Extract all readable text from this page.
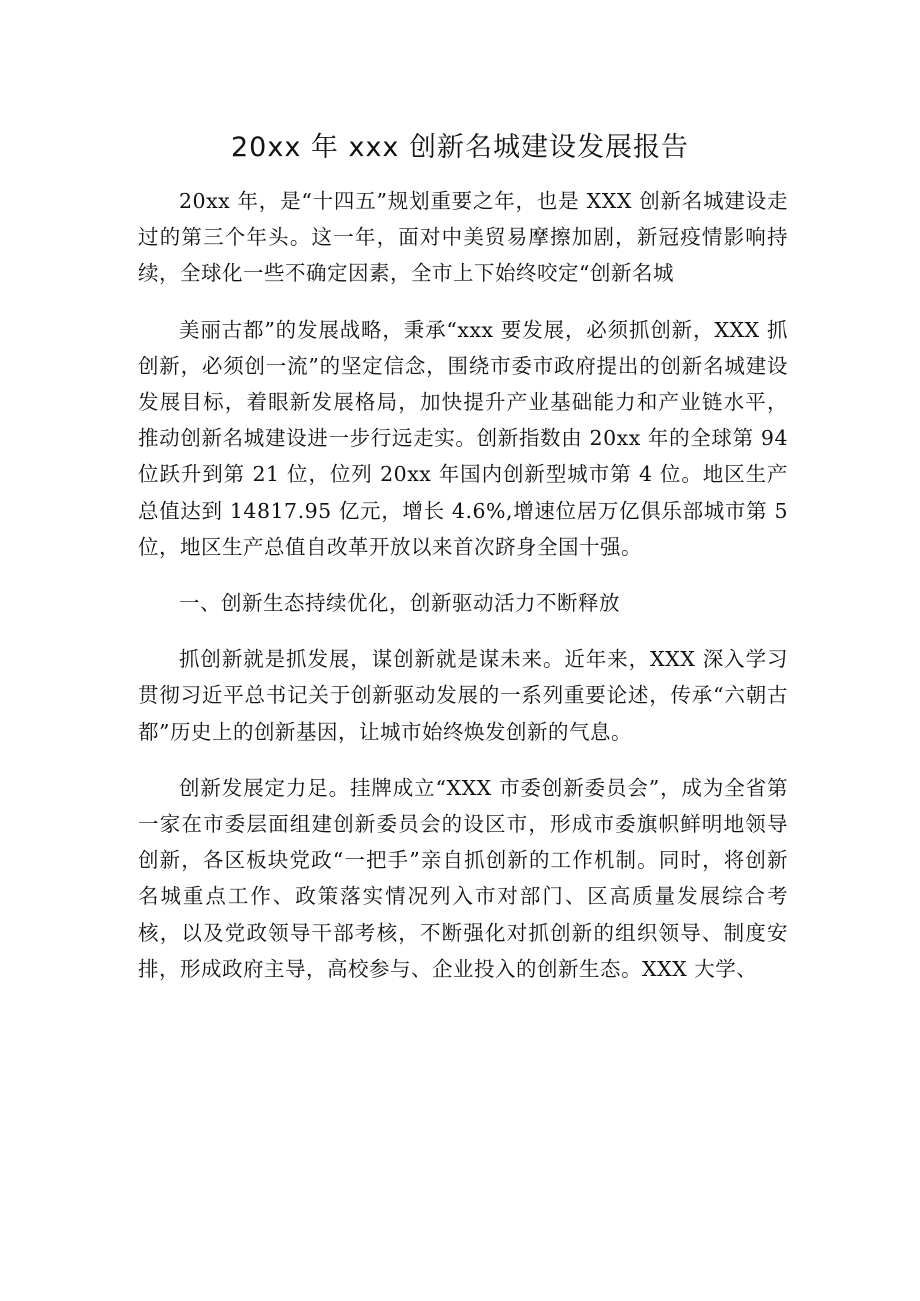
20xx 年 xxx 创新名城建设发展报告

20xx 年，是“十四五”规划重要之年，也是 XXX 创新名城建设走过的第三个年头。这一年，面对中美贸易摩擦加剧，新冠疫情影响持续，全球化一些不确定因素，全市上下始终咬定“创新名城

美丽古都”的发展战略，秉承“xxx 要发展，必须抓创新，XXX 抓创新，必须创一流”的坚定信念，围绕市委市政府提出的创新名城建设发展目标，着眼新发展格局，加快提升产业基础能力和产业链水平，推动创新名城建设进一步行远走实。创新指数由 20xx 年的全球第 94 位跃升到第 21 位，位列 20xx 年国内创新型城市第 4 位。地区生产总值达到 14817.95 亿元，增长 4.6%,增速位居万亿俱乐部城市第 5 位，地区生产总值自改革开放以来首次跻身全国十强。

一、创新生态持续优化，创新驱动活力不断释放

抓创新就是抓发展，谋创新就是谋未来。近年来，XXX 深入学习贯彻习近平总书记关于创新驱动发展的一系列重要论述，传承“六朝古都”历史上的创新基因，让城市始终焕发创新的气息。

创新发展定力足。挂牌成立“XXX 市委创新委员会”，成为全省第一家在市委层面组建创新委员会的设区市，形成市委旗帜鲜明地领导创新，各区板块党政“一把手”亲自抓创新的工作机制。同时，将创新名城重点工作、政策落实情况列入市对部门、区高质量发展综合考核，以及党政领导干部考核，不断强化对抓创新的组织领导、制度安排，形成政府主导，高校参与、企业投入的创新生态。XXX 大学、
